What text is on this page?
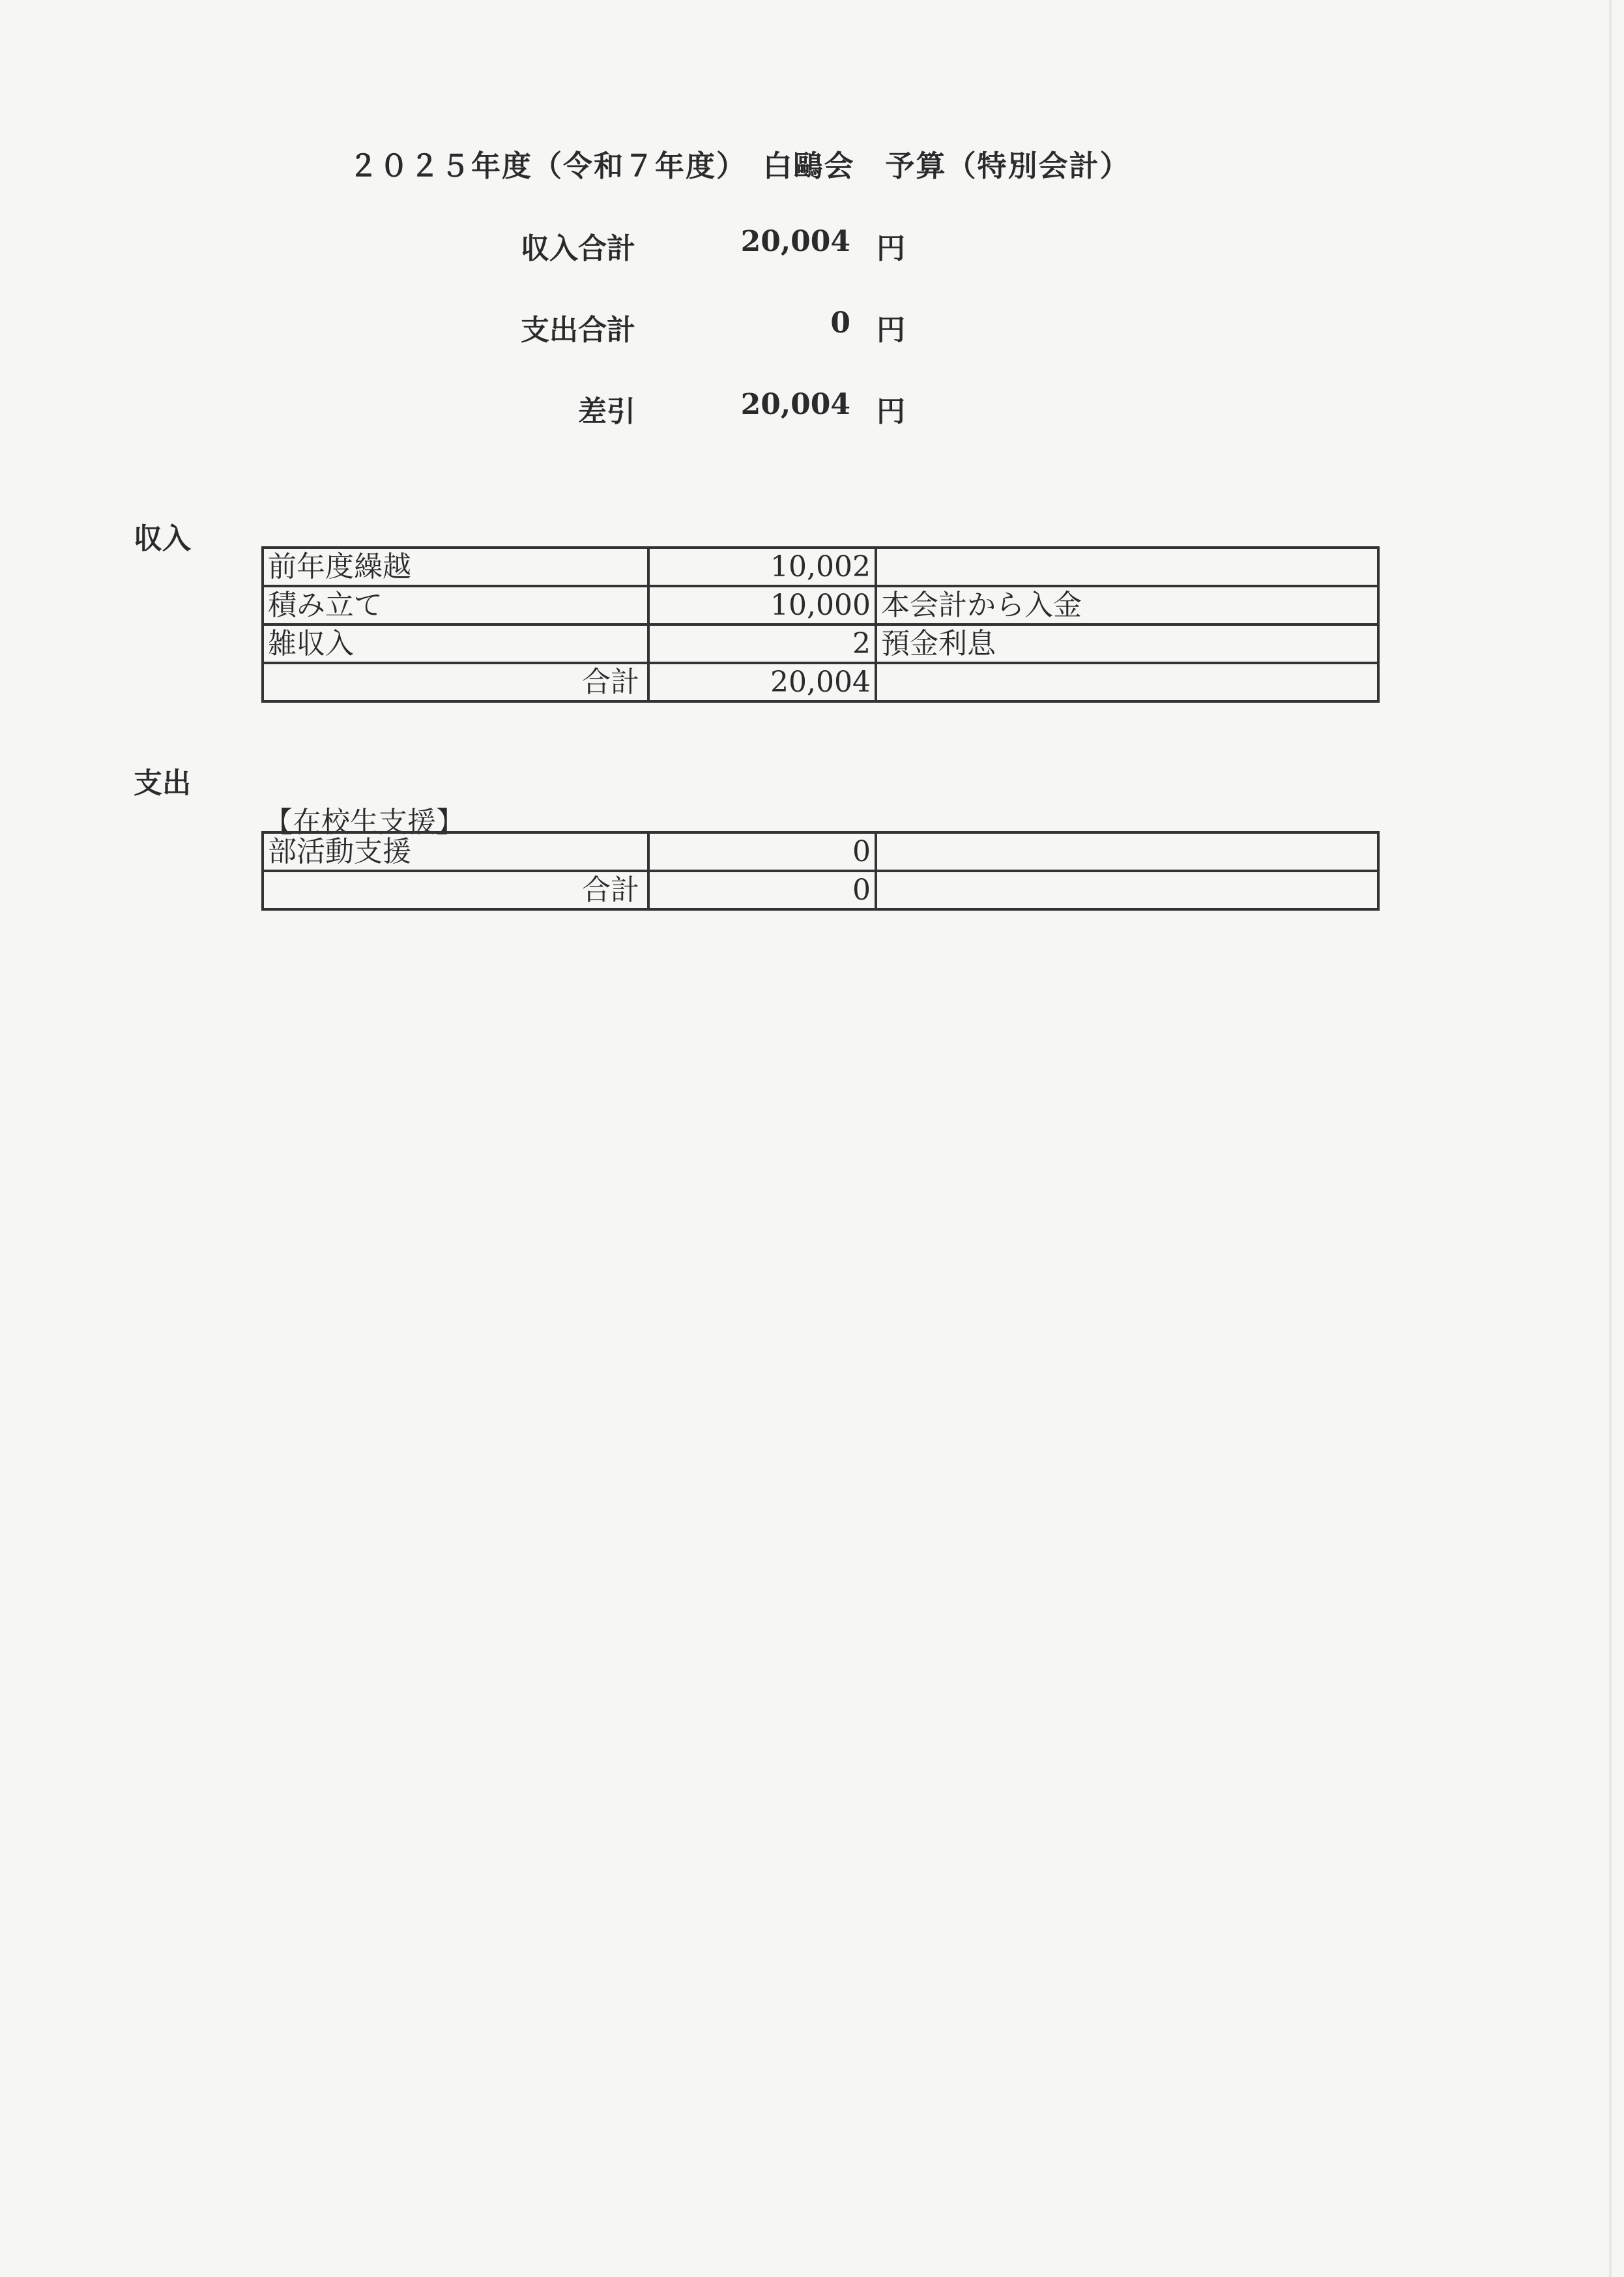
２０２５年度（令和７年度）　白鷗会　予算（特別会計）
収入合計	20,004 円
支出合計	0 円
差引	20,004 円
収入
前年度繰越	10,002	
積み立て	10,000	本会計から入金
雑収入	2	預金利息
合計	20,004	
支出
【在校生支援】
部活動支援	0	
合計	0	
